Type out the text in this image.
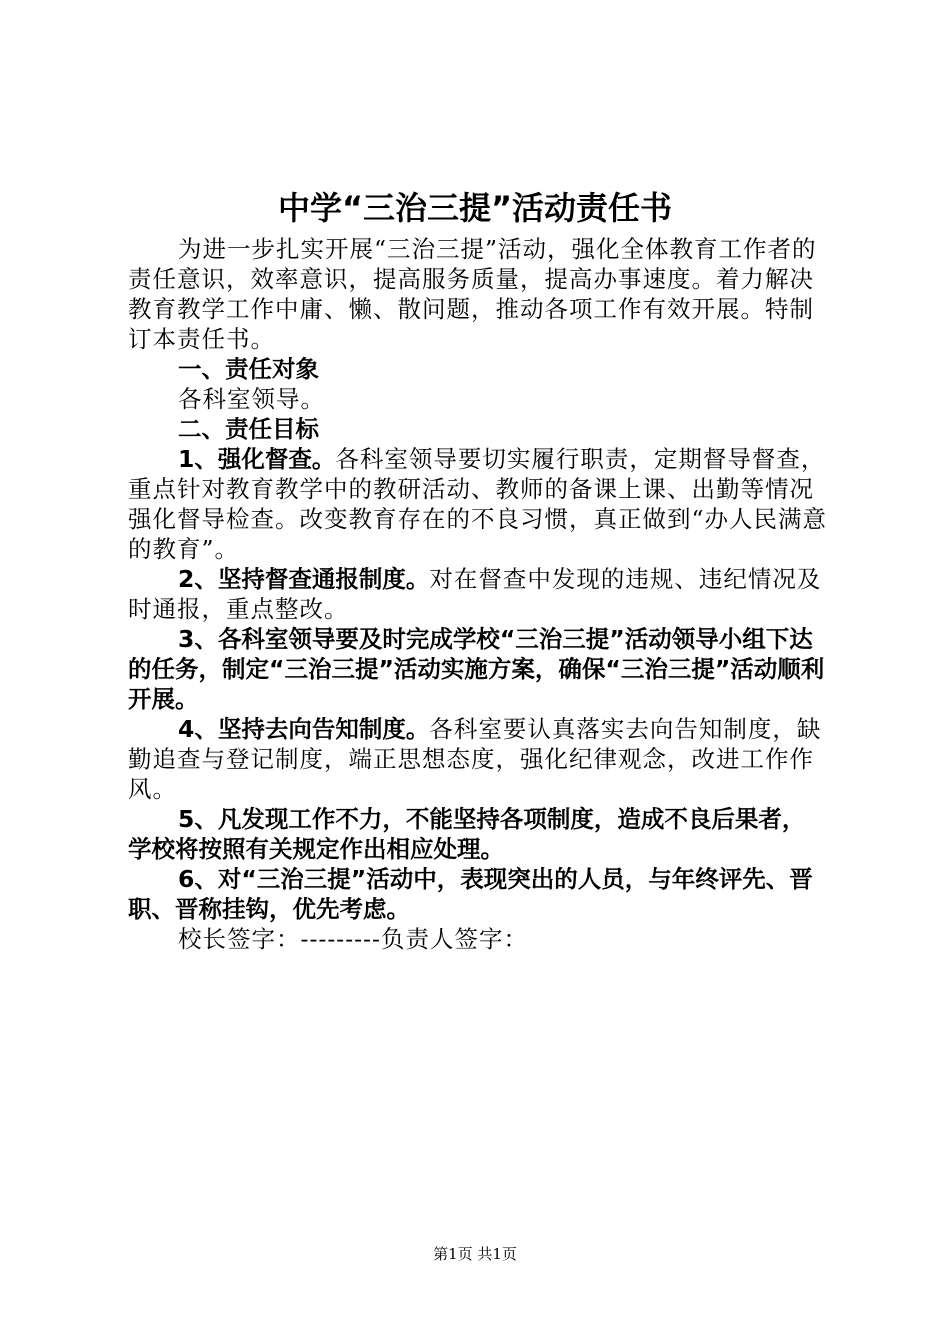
中学“三治三提”活动责任书

为进一步扎实开展“三治三提”活动，强化全体教育工作者的责任意识，效率意识，提高服务质量，提高办事速度。着力解决教育教学工作中庸、懒、散问题，推动各项工作有效开展。特制订本责任书。

一、责任对象

各科室领导。

二、责任目标

1、强化督查。各科室领导要切实履行职责，定期督导督查，重点针对教育教学中的教研活动、教师的备课上课、出勤等情况强化督导检查。改变教育存在的不良习惯，真正做到“办人民满意的教育”。

2、坚持督查通报制度。对在督查中发现的违规、违纪情况及时通报，重点整改。

3、各科室领导要及时完成学校“三治三提”活动领导小组下达的任务，制定“三治三提”活动实施方案，确保“三治三提”活动顺利开展。

4、坚持去向告知制度。各科室要认真落实去向告知制度，缺勤追查与登记制度，端正思想态度，强化纪律观念，改进工作作风。

5、凡发现工作不力，不能坚持各项制度，造成不良后果者，学校将按照有关规定作出相应处理。

6、对“三治三提”活动中，表现突出的人员，与年终评先、晋职、晋称挂钩，优先考虑。

校长签字：---------负责人签字：

第1页 共1页
